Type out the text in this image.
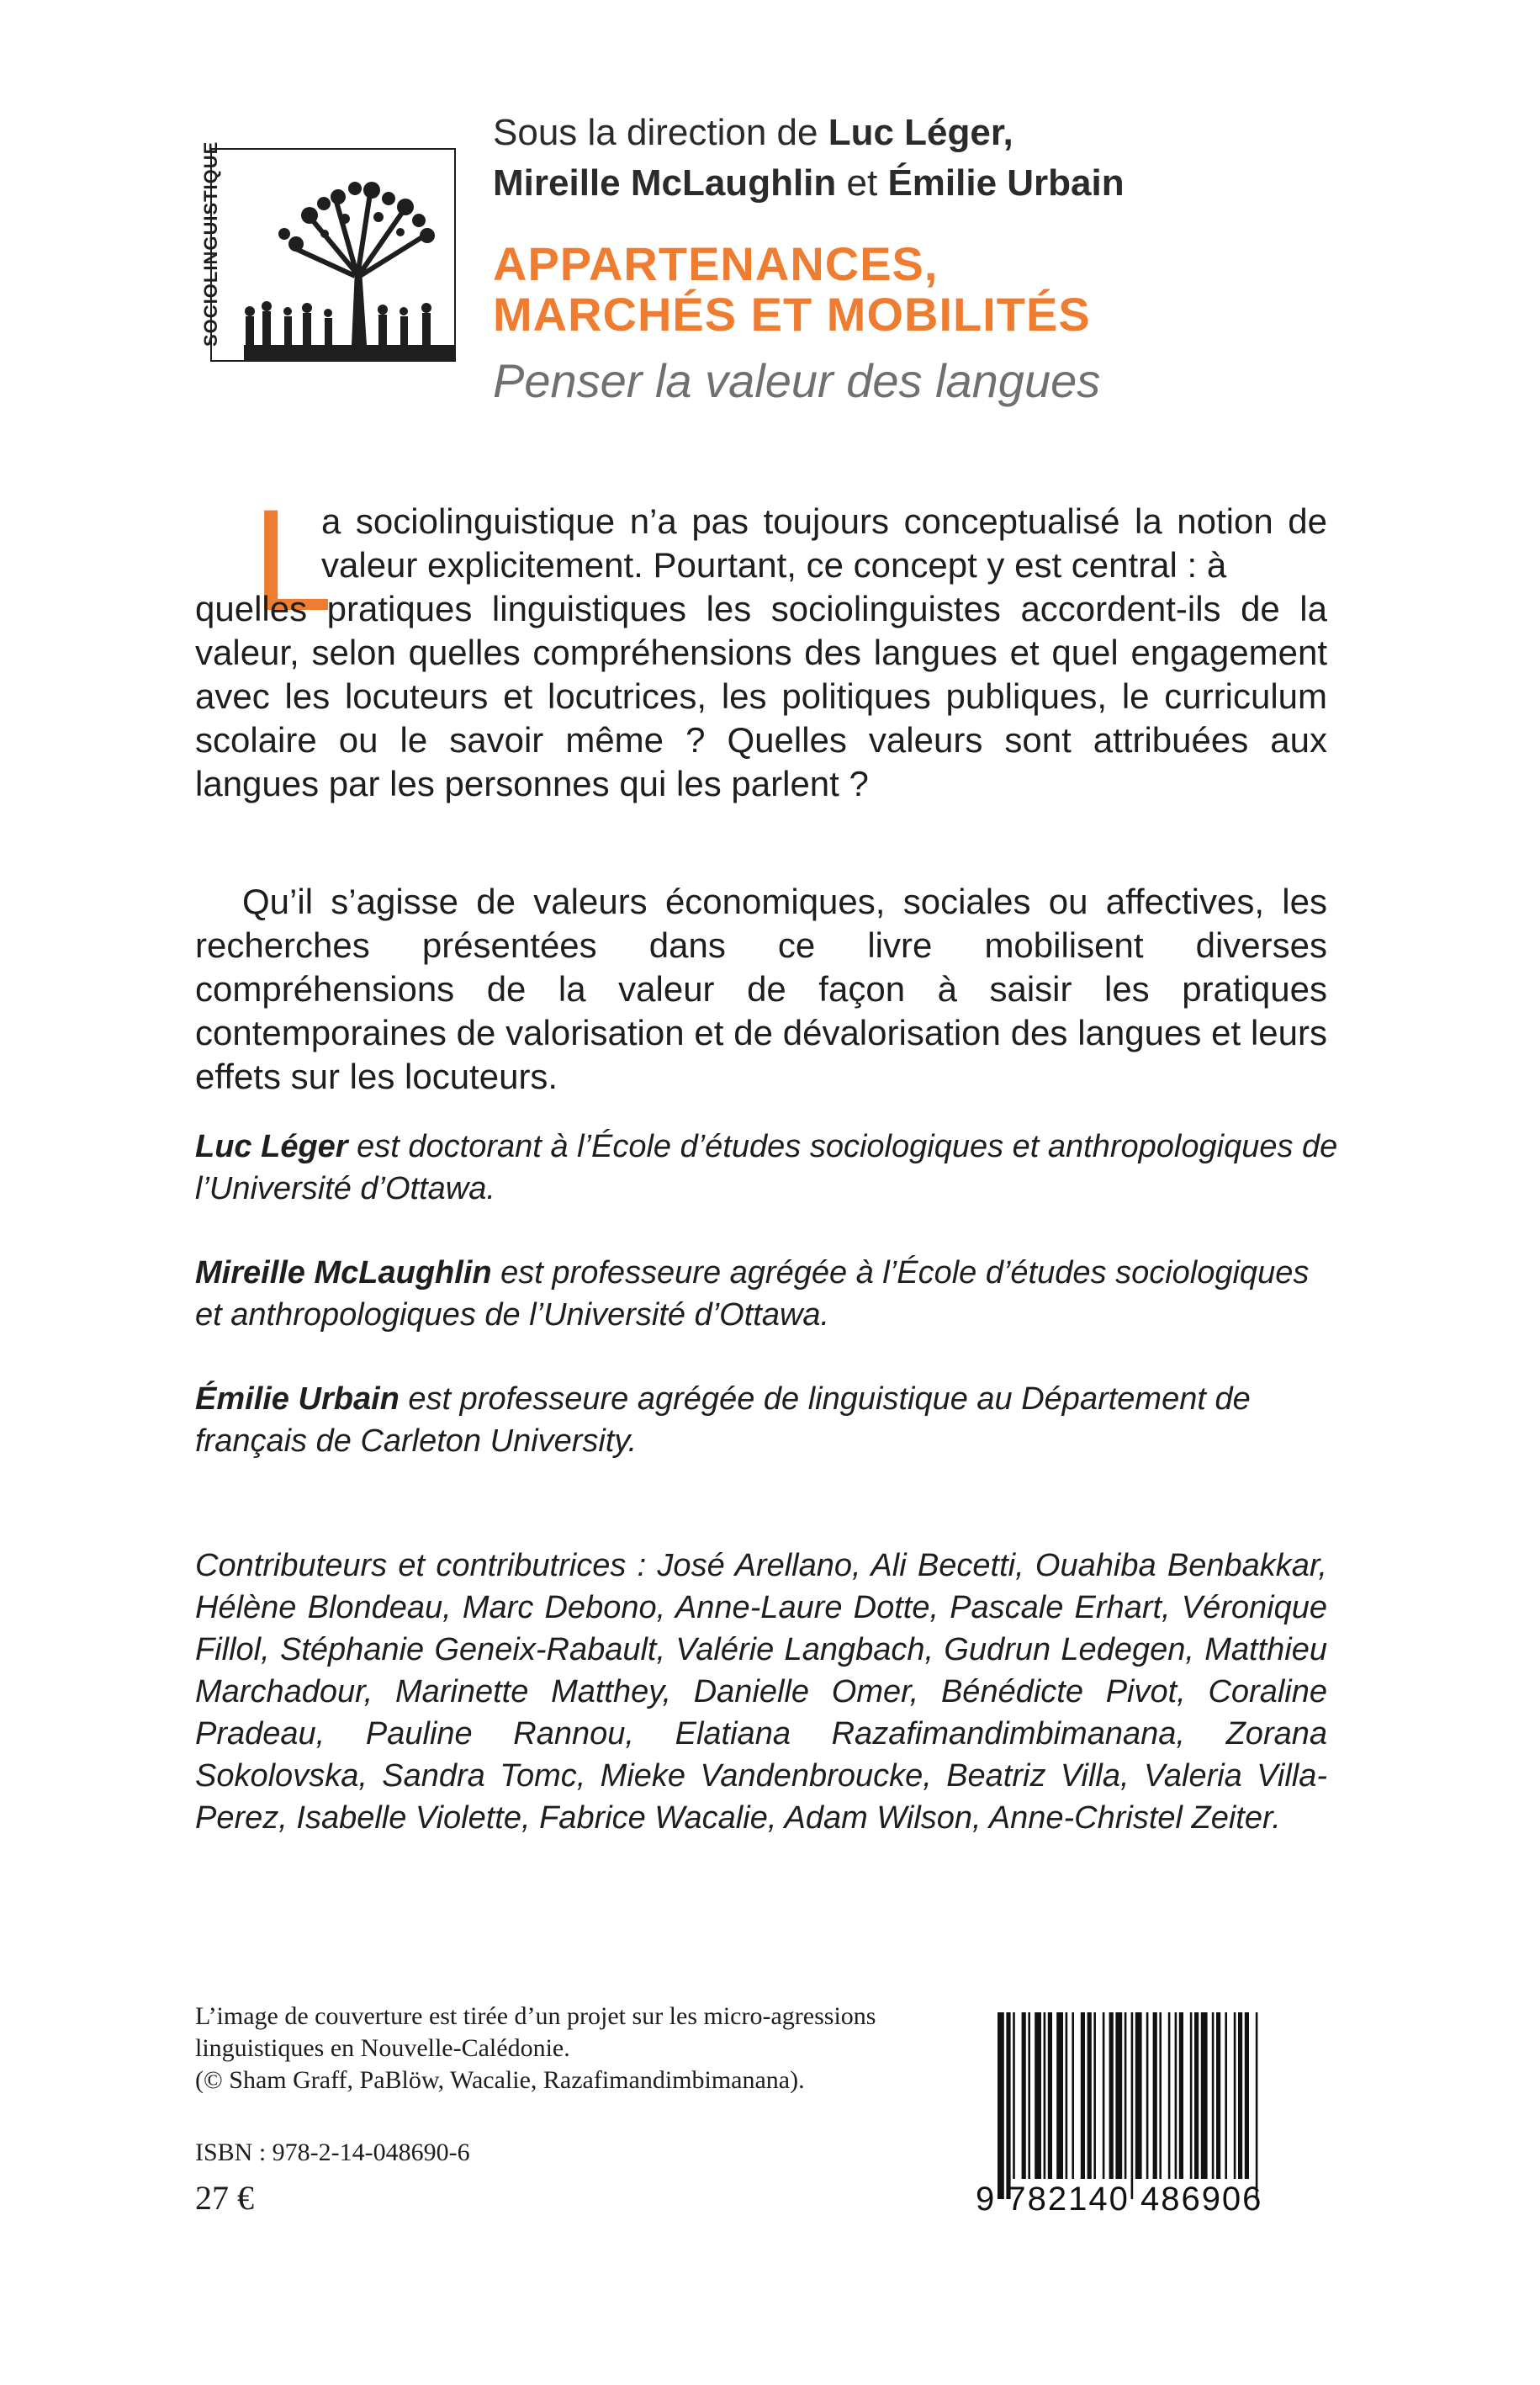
SOCIOLINGUISTIQUE
Sous la direction de Luc Léger,
Mireille McLaughlin et Émilie Urbain
APPARTENANCES,
MARCHÉS ET MOBILITÉS
Penser la valeur des langues
L
a sociolinguistique n’a pas toujours conceptualisé la notion de valeur explicitement. Pourtant, ce concept y est central : à
quelles pratiques linguistiques les sociolinguistes accordent-ils de la valeur, selon quelles compréhensions des langues et quel engagement avec les locuteurs et locutrices, les politiques publiques, le curriculum scolaire ou le savoir même ? Quelles valeurs sont attribuées aux langues par les personnes qui les parlent ?
Qu’il s’agisse de valeurs économiques, sociales ou affectives, les recherches présentées dans ce livre mobilisent diverses compréhensions de la valeur de façon à saisir les pratiques contemporaines de valorisation et de dévalorisation des langues et leurs effets sur les locuteurs.
Luc Léger est doctorant à l’École d’études sociologiques et anthropologiques de l’Université d’Ottawa.
Mireille McLaughlin est professeure agrégée à l’École d’études sociologiques et anthropologiques de l’Université d’Ottawa.
Émilie Urbain est professeure agrégée de linguistique au Département de français de Carleton University.
Contributeurs et contributrices : José Arellano, Ali Becetti, Ouahiba Benbakkar, Hélène Blondeau, Marc Debono, Anne-Laure Dotte, Pascale Erhart, Véronique Fillol, Stéphanie Geneix-Rabault, Valérie Langbach, Gudrun Ledegen, Matthieu Marchadour, Marinette Matthey, Danielle Omer, Bénédicte Pivot, Coraline Pradeau, Pauline Rannou, Elatiana Razafimandimbimanana, Zorana Sokolovska, Sandra Tomc, Mieke Vandenbroucke, Beatriz Villa, Valeria Villa-Perez, Isabelle Violette, Fabrice Wacalie, Adam Wilson, Anne-Christel Zeiter.
L’image de couverture est tirée d’un projet sur les micro-agressions
linguistiques en Nouvelle-Calédonie.
(© Sham Graff, PaBlöw, Wacalie, Razafimandimbimanana).
ISBN : 978-2-14-048690-6
27 €	9 782140 486906
